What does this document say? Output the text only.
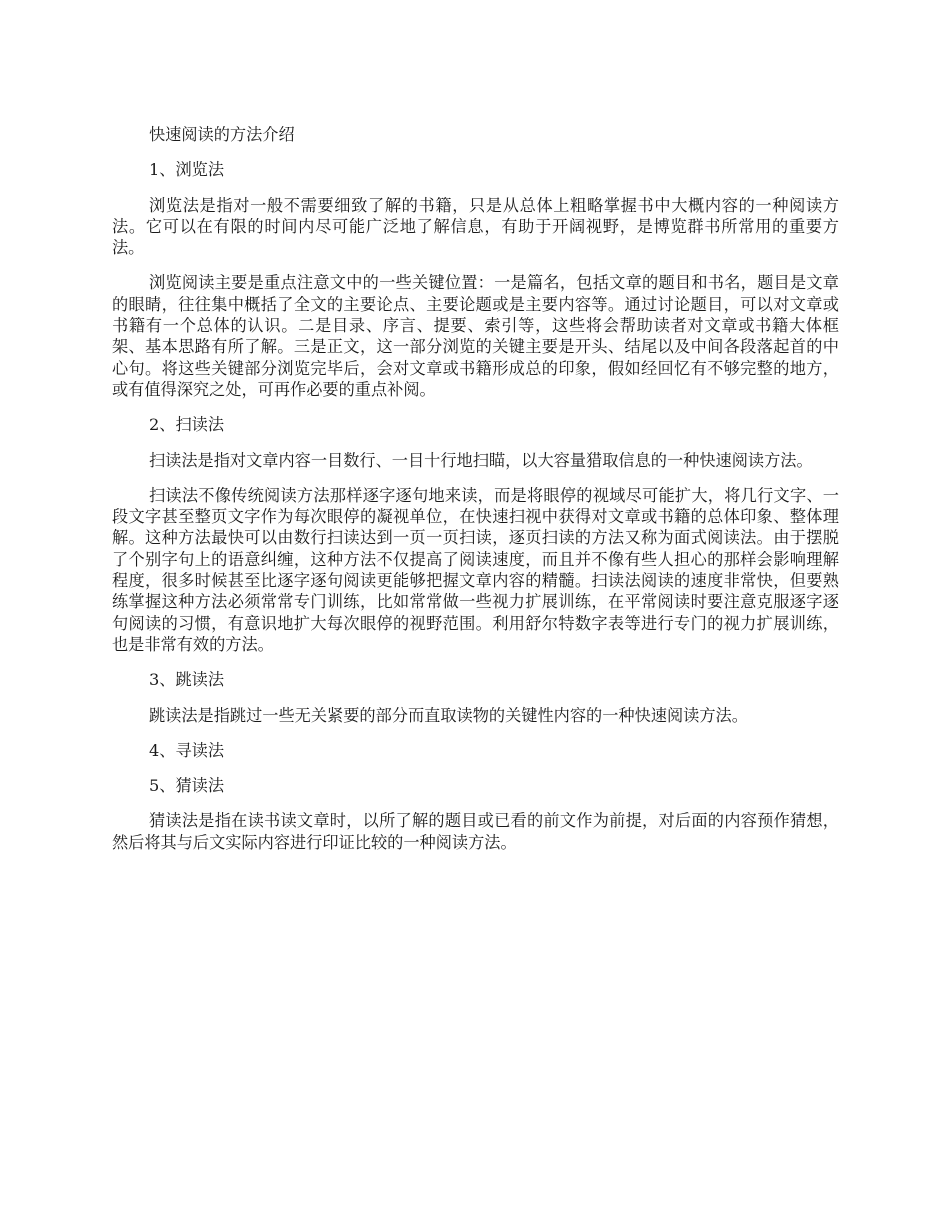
快速阅读的方法介绍

1、浏览法

浏览法是指对一般不需要细致了解的书籍，只是从总体上粗略掌握书中大概内容的一种阅读方法。它可以在有限的时间内尽可能广泛地了解信息，有助于开阔视野，是博览群书所常用的重要方法。

浏览阅读主要是重点注意文中的一些关键位置：一是篇名，包括文章的题目和书名，题目是文章的眼睛，往往集中概括了全文的主要论点、主要论题或是主要内容等。通过讨论题目，可以对文章或书籍有一个总体的认识。二是目录、序言、提要、索引等，这些将会帮助读者对文章或书籍大体框架、基本思路有所了解。三是正文，这一部分浏览的关键主要是开头、结尾以及中间各段落起首的中心句。将这些关键部分浏览完毕后，会对文章或书籍形成总的印象，假如经回忆有不够完整的地方，或有值得深究之处，可再作必要的重点补阅。

2、扫读法

扫读法是指对文章内容一目数行、一目十行地扫瞄，以大容量猎取信息的一种快速阅读方法。

扫读法不像传统阅读方法那样逐字逐句地来读，而是将眼停的视域尽可能扩大，将几行文字、一段文字甚至整页文字作为每次眼停的凝视单位，在快速扫视中获得对文章或书籍的总体印象、整体理解。这种方法最快可以由数行扫读达到一页一页扫读，逐页扫读的方法又称为面式阅读法。由于摆脱了个别字句上的语意纠缠，这种方法不仅提高了阅读速度，而且并不像有些人担心的那样会影响理解程度，很多时候甚至比逐字逐句阅读更能够把握文章内容的精髓。扫读法阅读的速度非常快，但要熟练掌握这种方法必须常常专门训练，比如常常做一些视力扩展训练，在平常阅读时要注意克服逐字逐句阅读的习惯，有意识地扩大每次眼停的视野范围。利用舒尔特数字表等进行专门的视力扩展训练，也是非常有效的方法。

3、跳读法

跳读法是指跳过一些无关紧要的部分而直取读物的关键性内容的一种快速阅读方法。

4、寻读法

5、猜读法

猜读法是指在读书读文章时，以所了解的题目或已看的前文作为前提，对后面的内容预作猜想，然后将其与后文实际内容进行印证比较的一种阅读方法。
